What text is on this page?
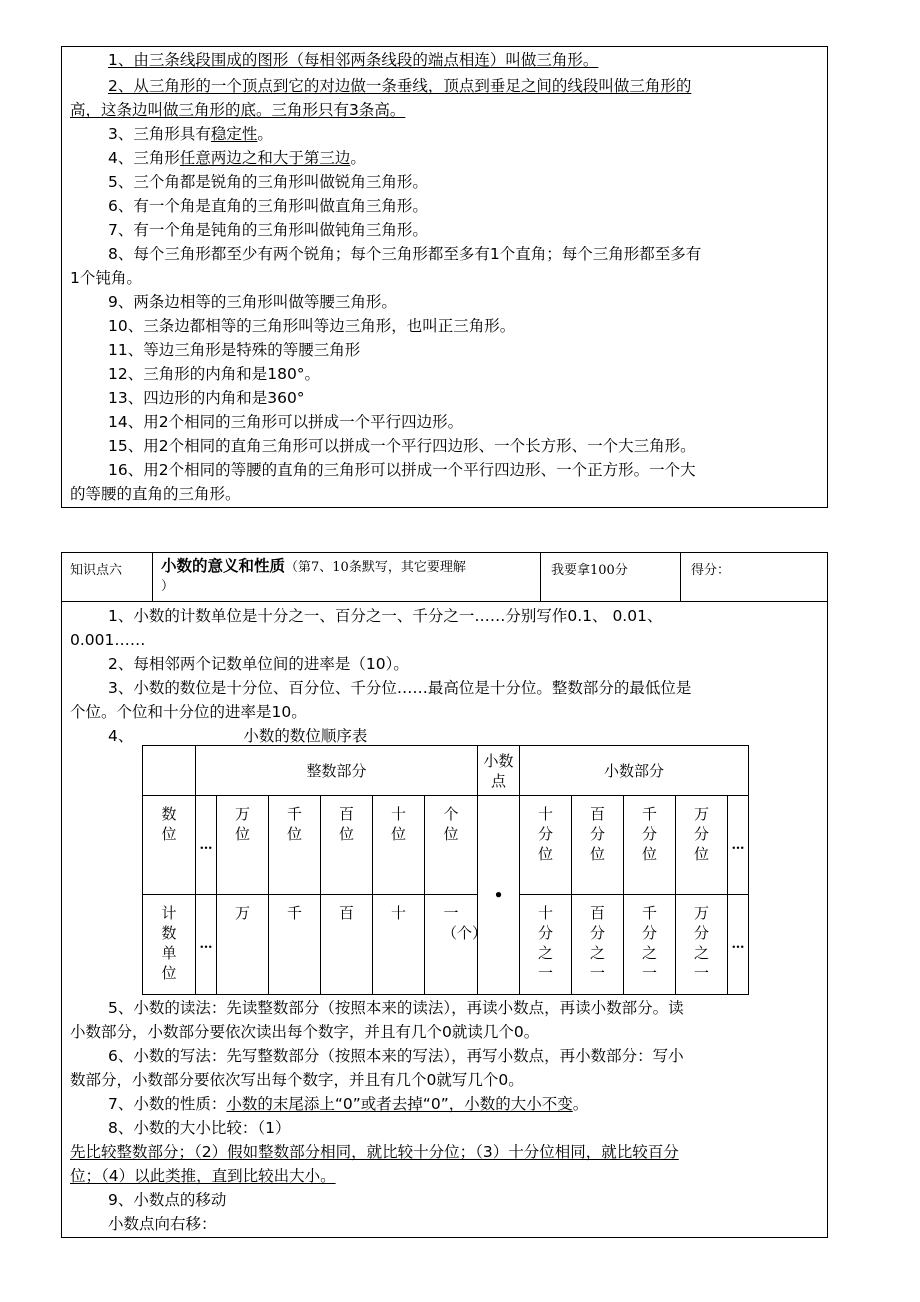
1、由三条线段围成的图形（每相邻两条线段的端点相连）叫做三角形。
2、从三角形的一个顶点到它的对边做一条垂线，顶点到垂足之间的线段叫做三角形的
高，这条边叫做三角形的底。三角形只有3条高。
3、三角形具有稳定性。
4、三角形任意两边之和大于第三边。
5、三个角都是锐角的三角形叫做锐角三角形。
6、有一个角是直角的三角形叫做直角三角形。
7、有一个角是钝角的三角形叫做钝角三角形。
8、每个三角形都至少有两个锐角；每个三角形都至多有1个直角；每个三角形都至多有
1个钝角。
9、两条边相等的三角形叫做等腰三角形。
10、三条边都相等的三角形叫等边三角形，也叫正三角形。
11、等边三角形是特殊的等腰三角形
12、三角形的内角和是180°。
13、四边形的内角和是360°
14、用2个相同的三角形可以拼成一个平行四边形。
15、用2个相同的直角三角形可以拼成一个平行四边形、一个长方形、一个大三角形。
16、用2个相同的等腰的直角的三角形可以拼成一个平行四边形、一个正方形。一个大
的等腰的直角的三角形。
知识点六	小数的意义和性质（第7、10条默写，其它要理解
）
我要拿100分	得分：
1、小数的计数单位是十分之一、百分之一、千分之一……分别写作0.1、 0.01、
0.001……
2、每相邻两个记数单位间的进率是（10）。
3、小数的数位是十分位、百分位、千分位……最高位是十分位。整数部分的最低位是
个位。个位和十分位的进率是10。
4、	小数的数位顺序表
	整数部分						小数点	小数部分				
数位	…	万位	千位	百位	十位	个位	•	十分位	百分位	千分位	万分位	…
计数单位	…	万	千	百	十	一（个）		十分之一	百分之一	千分之一	万分之一	…
5、小数的读法：先读整数部分（按照本来的读法），再读小数点，再读小数部分。读
小数部分，小数部分要依次读出每个数字，并且有几个0就读几个0。
6、小数的写法：先写整数部分（按照本来的写法），再写小数点，再小数部分：写小
数部分，小数部分要依次写出每个数字，并且有几个0就写几个0。
7、小数的性质：小数的末尾添上“0”或者去掉“0”，小数的大小不变。
8、小数的大小比较：（1）
先比较整数部分；（2）假如整数部分相同，就比较十分位；（3）十分位相同，就比较百分
位；（4）以此类推，直到比较出大小。
9、小数点的移动
小数点向右移：
